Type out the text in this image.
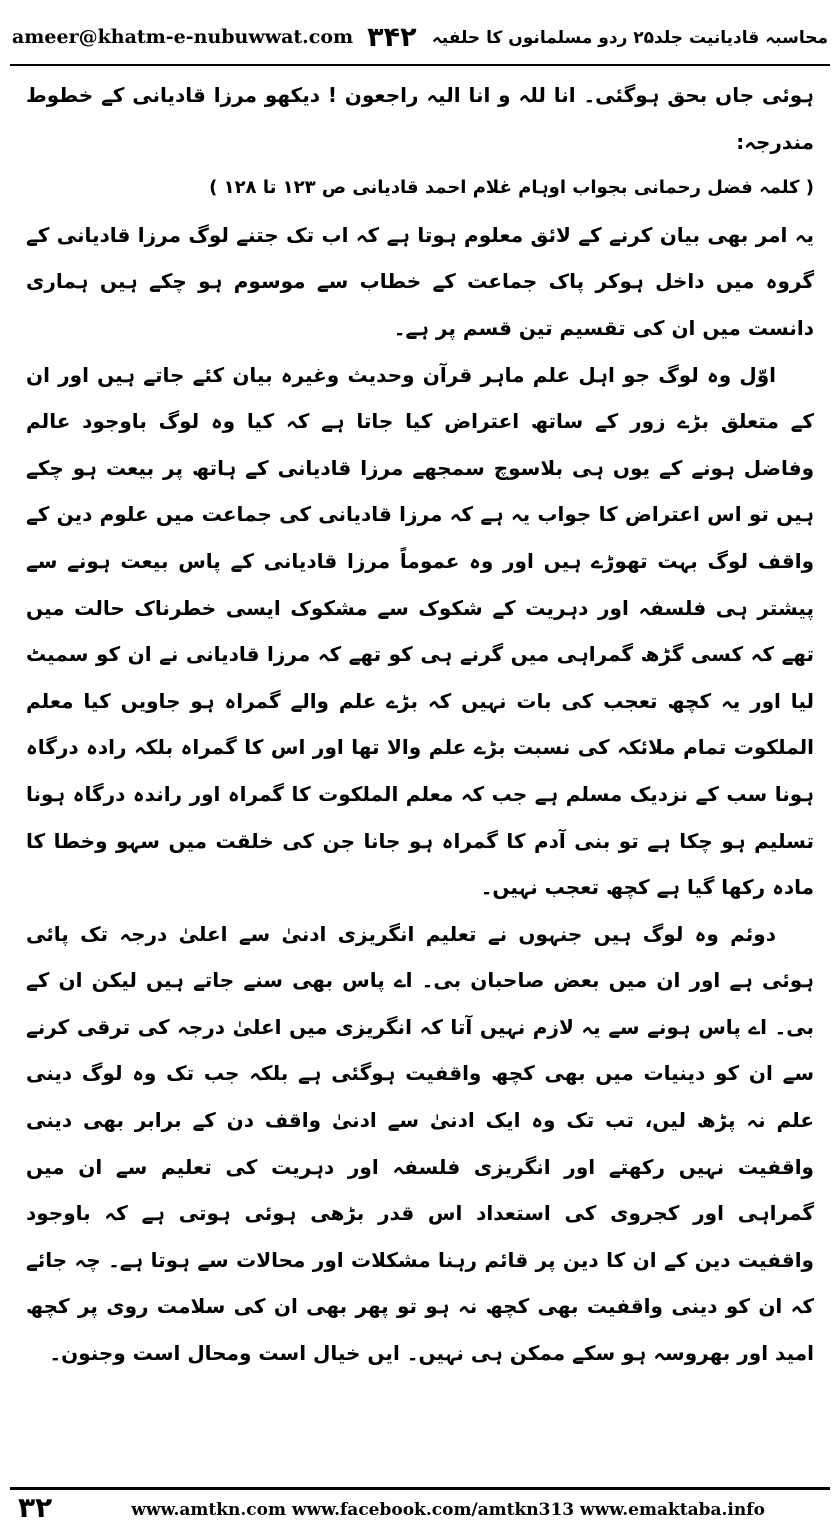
ameer@khatm-e-nubuwwat.com ۳۴۲ محاسبہ قادیانیت جلد۲۵ ردو مسلمانوں کا حلفیہ

ہوئی جاں بحق ہوگئی۔ انا للہ و انا الیہ راجعون ! دیکھو مرزا قادیانی کے خطوط مندرجہ:

( کلمہ فضل رحمانی بجواب اوہام غلام احمد قادیانی ص ۱۲۳ تا ۱۲۸ )

یہ امر بھی بیان کرنے کے لائق معلوم ہوتا ہے کہ اب تک جتنے لوگ مرزا قادیانی کے گروہ میں داخل ہوکر پاک جماعت کے خطاب سے موسوم ہو چکے ہیں ہماری دانست میں ان کی تقسیم تین قسم پر ہے۔

اوّل وہ لوگ جو اہل علم ماہر قرآن وحدیث وغیرہ بیان کئے جاتے ہیں اور ان کے متعلق بڑے زور کے ساتھ اعتراض کیا جاتا ہے کہ کیا وہ لوگ باوجود عالم وفاضل ہونے کے یوں ہی بلاسوچ سمجھے مرزا قادیانی کے ہاتھ پر بیعت ہو چکے ہیں تو اس اعتراض کا جواب یہ ہے کہ مرزا قادیانی کی جماعت میں علوم دین کے واقف لوگ بہت تھوڑے ہیں اور وہ عموماً مرزا قادیانی کے پاس بیعت ہونے سے پیشتر ہی فلسفہ اور دہریت کے شکوک سے مشکوک ایسی خطرناک حالت میں تھے کہ کسی گڑھ گمراہی میں گرنے ہی کو تھے کہ مرزا قادیانی نے ان کو سمیٹ لیا اور یہ کچھ تعجب کی بات نہیں کہ بڑے علم والے گمراہ ہو جاویں کیا معلم الملکوت تمام ملائکہ کی نسبت بڑے علم والا تھا اور اس کا گمراہ بلکہ رادہ درگاہ ہونا سب کے نزدیک مسلم ہے جب کہ معلم الملکوت کا گمراہ اور راندہ درگاہ ہونا تسلیم ہو چکا ہے تو بنی آدم کا گمراہ ہو جانا جن کی خلقت میں سہو وخطا کا مادہ رکھا گیا ہے کچھ تعجب نہیں۔

دوئم وہ لوگ ہیں جنہوں نے تعلیم انگریزی ادنیٰ سے اعلیٰ درجہ تک پائی ہوئی ہے اور ان میں بعض صاحبان بی۔ اے پاس بھی سنے جاتے ہیں لیکن ان کے بی۔ اے پاس ہونے سے یہ لازم نہیں آتا کہ انگریزی میں اعلیٰ درجہ کی ترقی کرنے سے ان کو دینیات میں بھی کچھ واقفیت ہوگئی ہے بلکہ جب تک وہ لوگ دینی علم نہ پڑھ لیں، تب تک وہ ایک ادنیٰ سے ادنیٰ واقف دن کے برابر بھی دینی واقفیت نہیں رکھتے اور انگریزی فلسفہ اور دہریت کی تعلیم سے ان میں گمراہی اور کجروی کی استعداد اس قدر بڑھی ہوئی ہوتی ہے کہ باوجود واقفیت دین کے ان کا دین پر قائم رہنا مشکلات اور محالات سے ہوتا ہے۔ چہ جائے کہ ان کو دینی واقفیت بھی کچھ نہ ہو تو پھر بھی ان کی سلامت روی پر کچھ امید اور بھروسہ ہو سکے ممکن ہی نہیں۔ ایں خیال است ومحال است وجنون۔

۳۲	www.amtkn.com www.facebook.com/amtkn313 www.emaktaba.info
